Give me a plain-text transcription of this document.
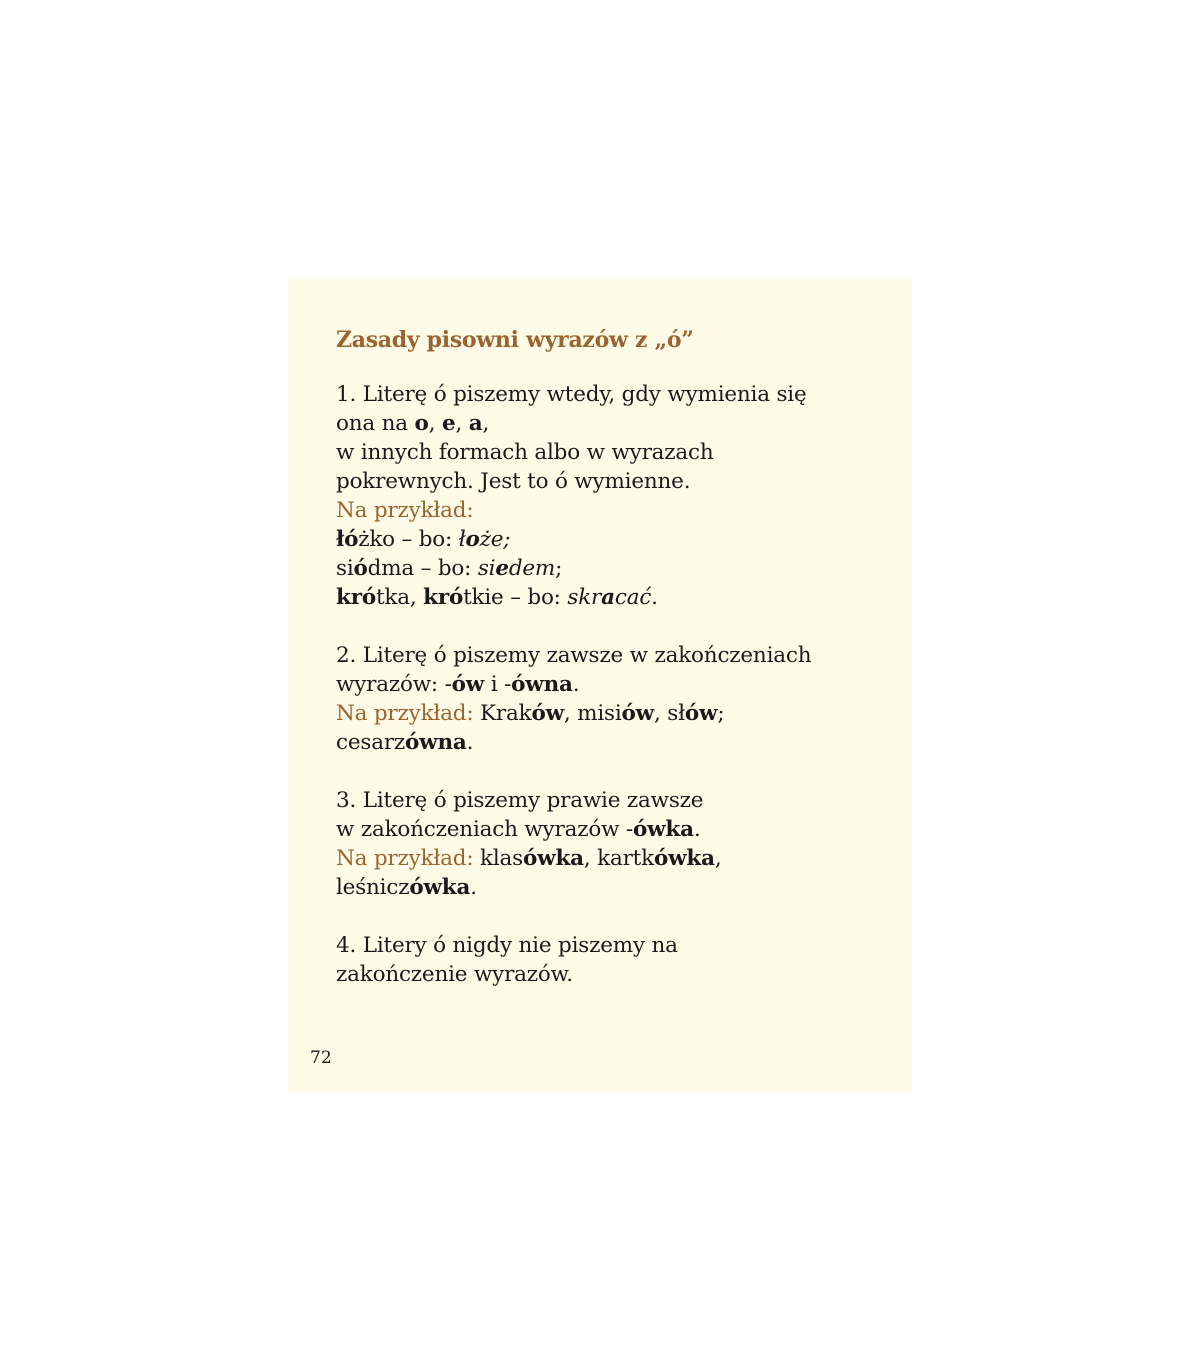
Zasady pisowni wyrazów z „ó”
1. Literę ó piszemy wtedy, gdy wymienia się
ona na o, e, a,
w innych formach albo w wyrazach
pokrewnych. Jest to ó wymienne.
Na przykład:
łóżko – bo: łoże;
siódma – bo: siedem;
krótka, krótkie – bo: skracać.
2. Literę ó piszemy zawsze w zakończeniach
wyrazów: -ów i -ówna.
Na przykład: Kraków, misiów, słów;
cesarzówna.
3. Literę ó piszemy prawie zawsze
w zakończeniach wyrazów -ówka.
Na przykład: klasówka, kartkówka,
leśniczówka.
4. Litery ó nigdy nie piszemy na
zakończenie wyrazów.
72
